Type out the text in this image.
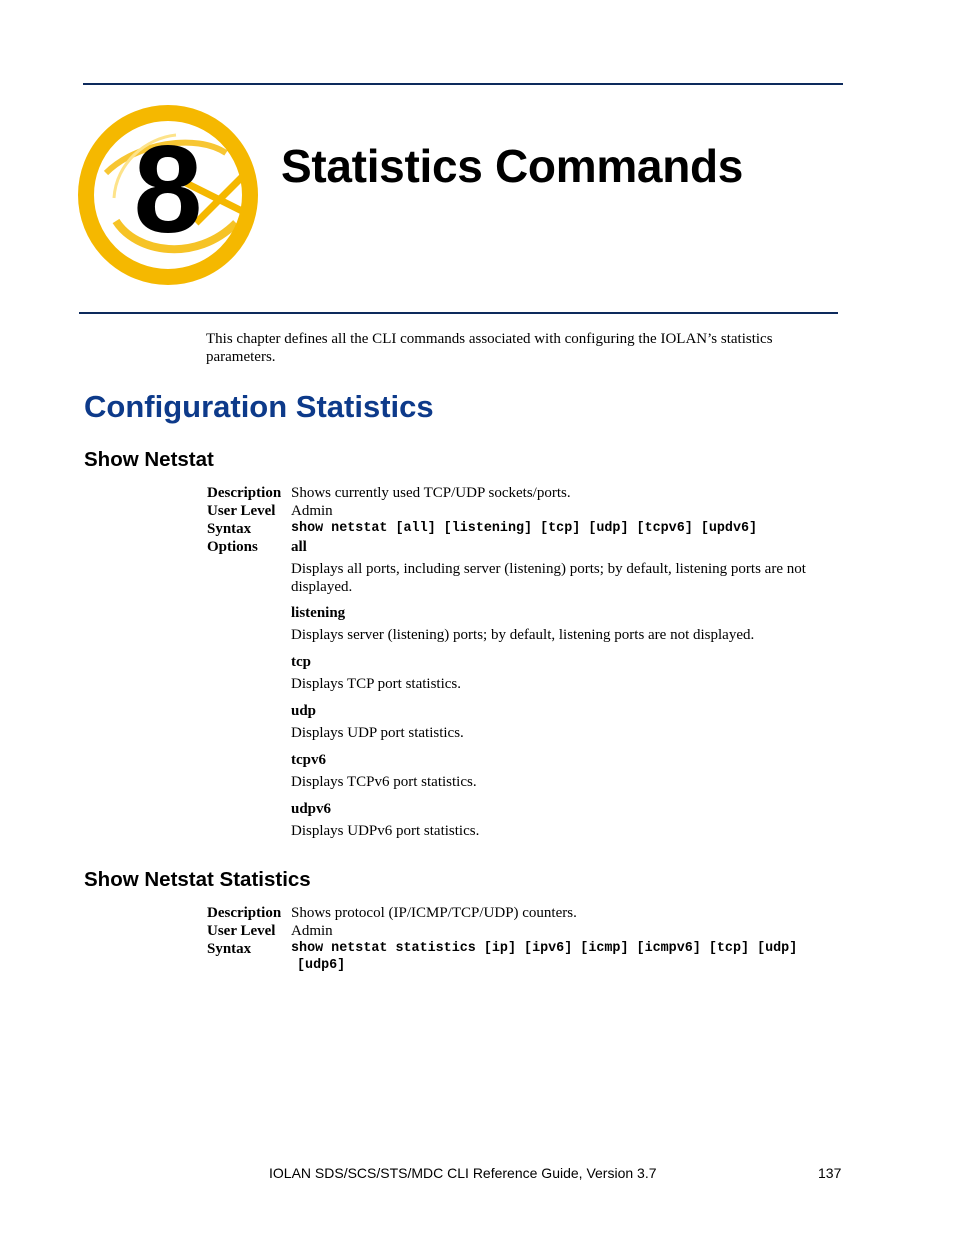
8 Statistics Commands
This chapter defines all the CLI commands associated with configuring the IOLAN’s statistics parameters.
Configuration Statistics
Show Netstat
Description Shows currently used TCP/UDP sockets/ports.
User Level Admin
Syntax	show netstat [all] [listening] [tcp] [udp] [tcpv6] [updv6]
Options all
Displays all ports, including server (listening) ports; by default, listening ports are not displayed.
listening
Displays server (listening) ports; by default, listening ports are not displayed.
tcp
Displays TCP port statistics.
udp
Displays UDP port statistics.
tcpv6
Displays TCPv6 port statistics.
udpv6
Displays UDPv6 port statistics.
Show Netstat Statistics
Description Shows protocol (IP/ICMP/TCP/UDP) counters.
User Level Admin
Syntax	show netstat statistics [ip] [ipv6] [icmp] [icmpv6] [tcp] [udp]
[udp6]
IOLAN SDS/SCS/STS/MDC CLI Reference Guide, Version 3.7	137
